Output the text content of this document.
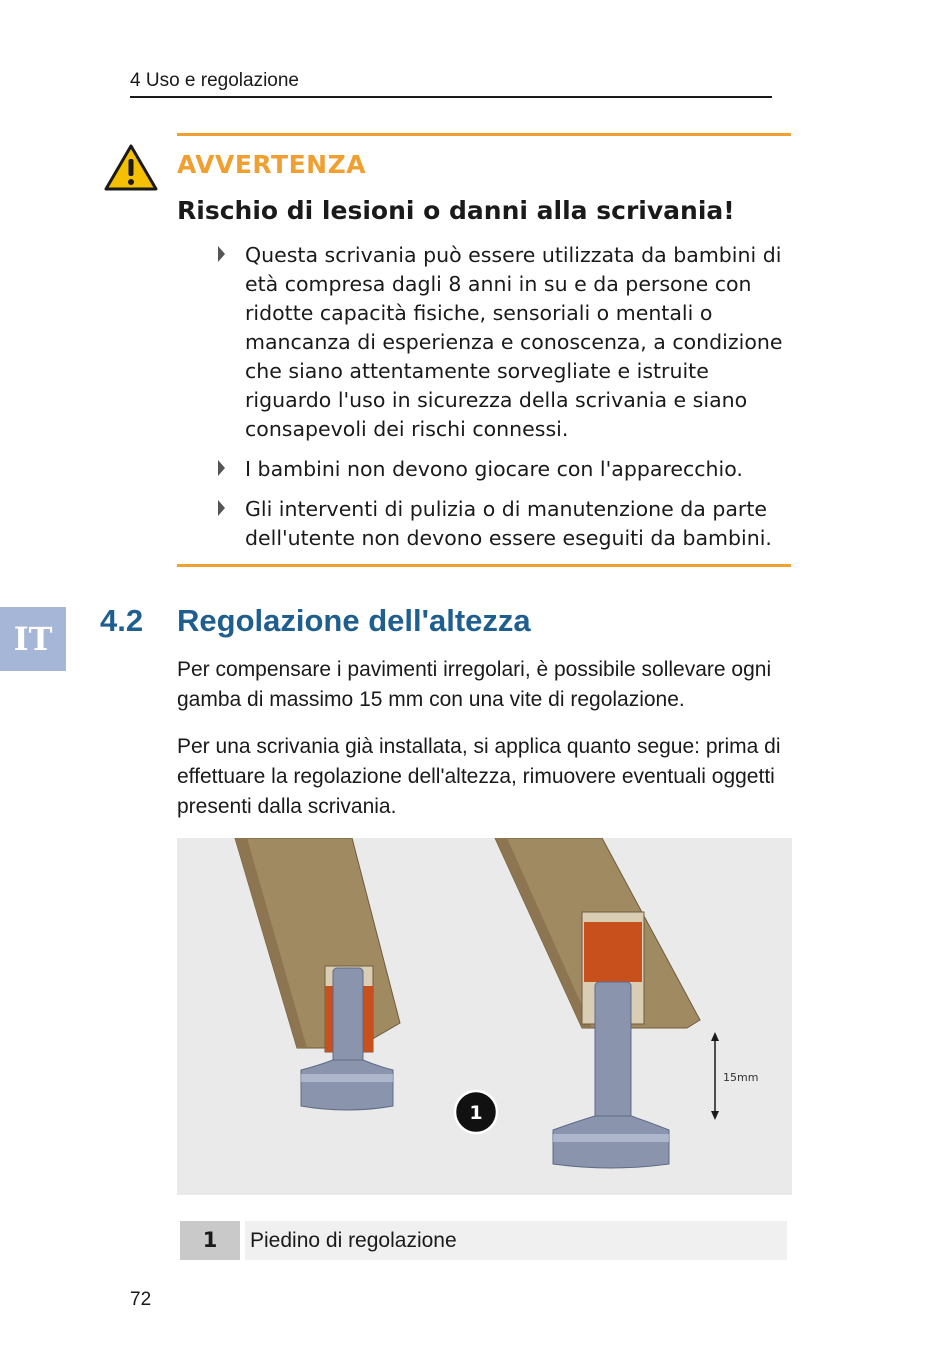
4 Uso e regolazione
AVVERTENZA
Rischio di lesioni o danni alla scrivania!
Questa scrivania può essere utilizzata da bambini di età compresa dagli 8 anni in su e da persone con ridotte capacità fisiche, sensoriali o mentali o mancanza di esperienza e conoscenza, a condizione che siano attentamente sorvegliate e istruite riguardo l'uso in sicurezza della scrivania e siano consapevoli dei rischi connessi.
I bambini non devono giocare con l'apparecchio.
Gli interventi di pulizia o di manutenzione da parte dell'utente non devono essere eseguiti da bambini.
IT	4.2 Regolazione dell'altezza
Per compensare i pavimenti irregolari, è possibile sollevare ogni gamba di massimo 15 mm con una vite di regolazione.
Per una scrivania già installata, si applica quanto segue: prima di effettuare la regolazione dell'altezza, rimuovere eventuali oggetti presenti dalla scrivania.
15mm
1
1	Piedino di regolazione
72
